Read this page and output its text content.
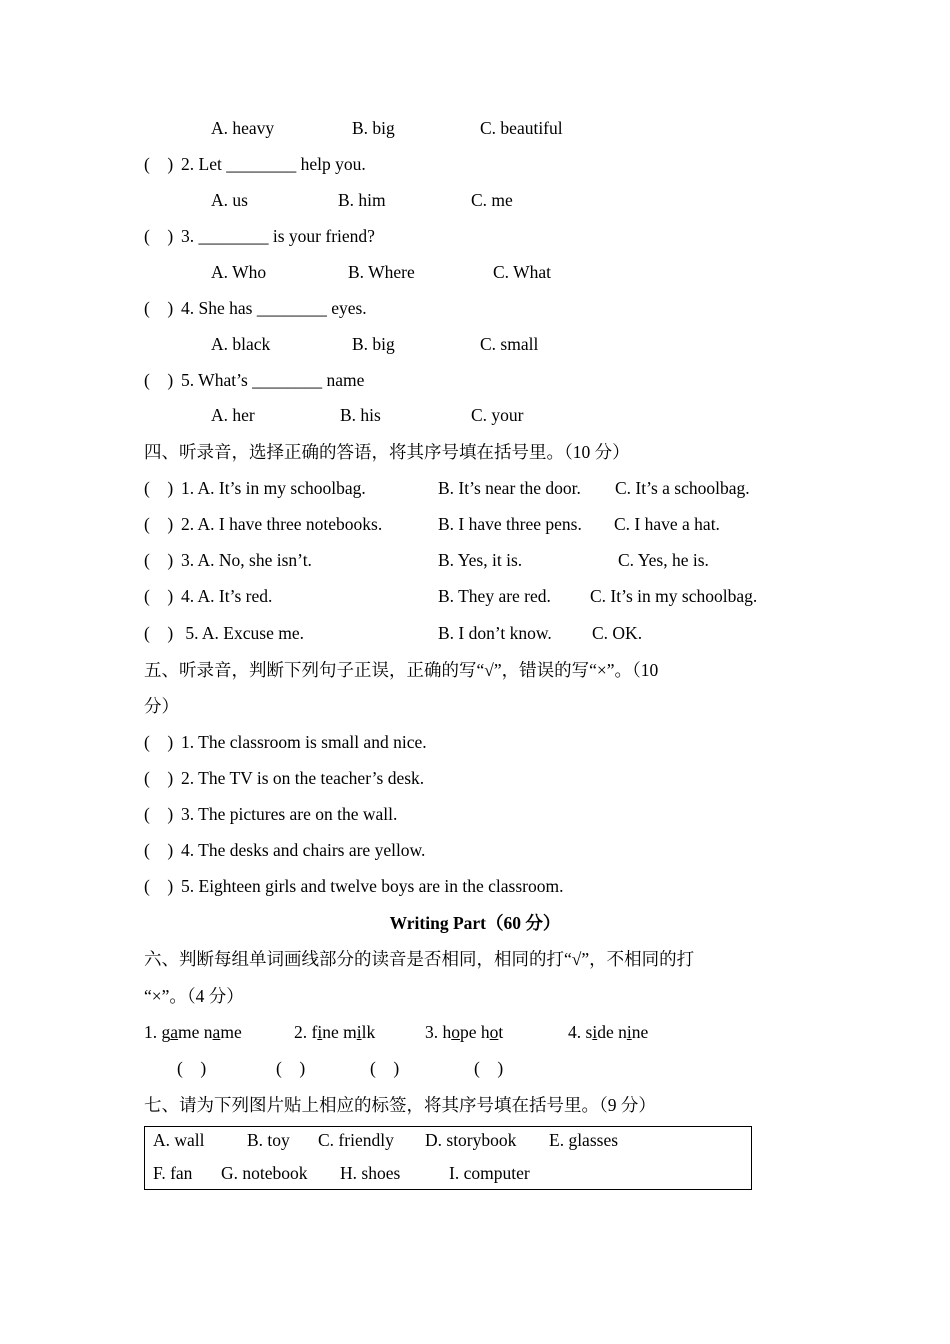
A. heavy	B. big	C. beautiful
(    ) 2. Let ________ help you.
A. us	B. him	C. me
(    ) 3. ________ is your friend?
A. Who	B. Where	C. What
(    ) 4. She has ________ eyes.
A. black	B. big	C. small
(    ) 5. What’s ________ name
A. her	B. his	C. your
四、听录音，选择正确的答语，将其序号填在括号里。（10 分）
(    ) 1. A. It’s in my schoolbag.	B. It’s near the door. C. It’s a schoolbag.
(    ) 2. A. I have three notebooks.	B. I have three pens. C. I have a hat.
(    ) 3. A. No, she isn’t.	B. Yes, it is.	C. Yes, he is.
(    ) 4. A. It’s red.	B. They are red. C. It’s in my schoolbag.
(    ) 5. A. Excuse me.	B. I don’t know. C. OK.
五、听录音，判断下列句子正误，正确的写“√”，错误的写“×”。（10
分）
(    ) 1. The classroom is small and nice.
(    ) 2. The TV is on the teacher’s desk.
(    ) 3. The pictures are on the wall.
(    ) 4. The desks and chairs are yellow.
(    ) 5. Eighteen girls and twelve boys are in the classroom.
Writing Part（60 分）
六、判断每组单词画线部分的读音是否相同，相同的打“√”，不相同的打
“×”。（4 分）
1. game name	2. fine milk	3. hope hot	4. side nine
(    )	(    )	(    )	(    )
七、请为下列图片贴上相应的标签，将其序号填在括号里。（9 分）
A. wall B. toy C. friendly D. storybook E. glasses
F. fan G. notebook H. shoes	I. computer
